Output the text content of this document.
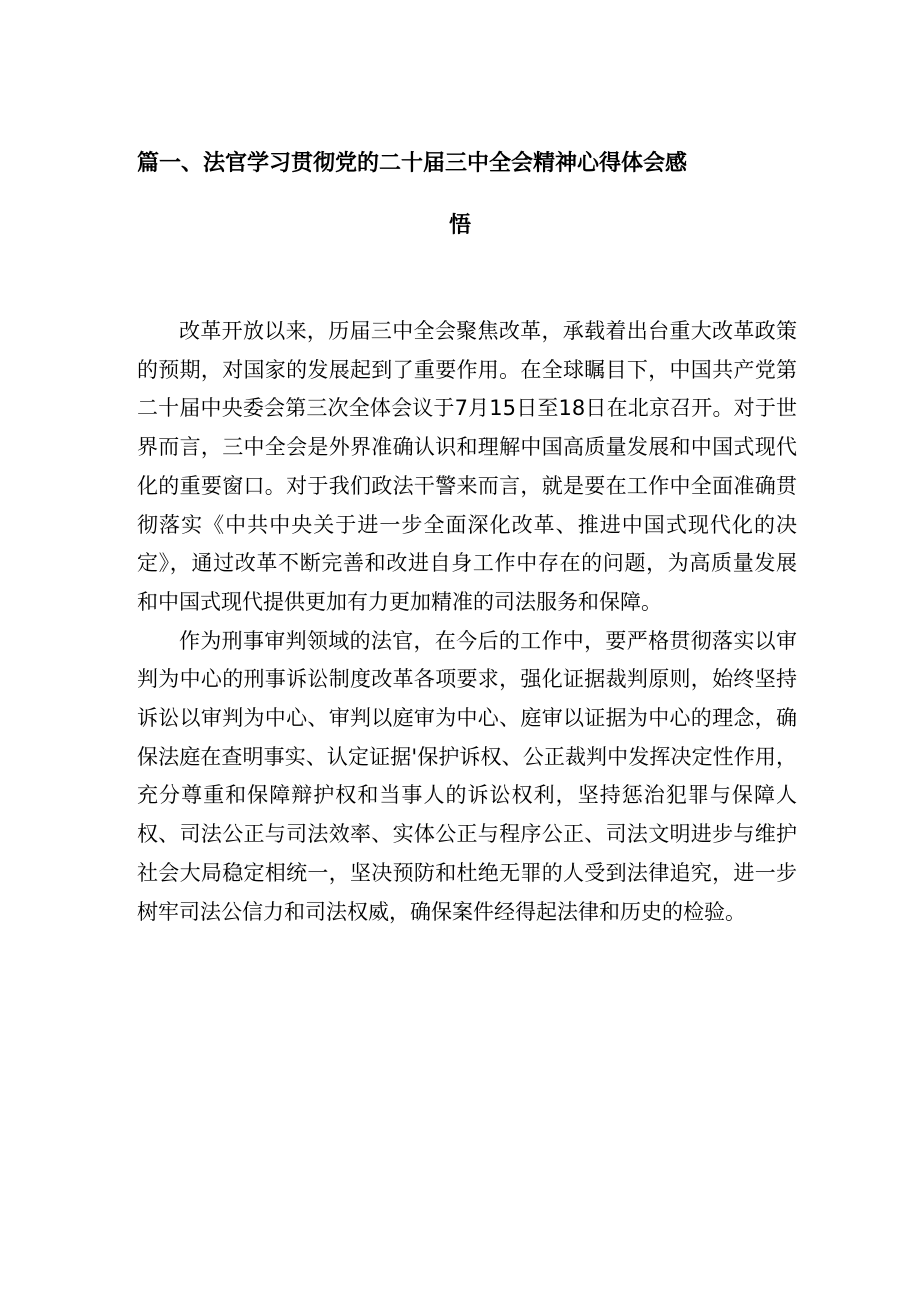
篇一、法官学习贯彻党的二十届三中全会精神心得体会感
悟

改革开放以来，历届三中全会聚焦改革，承载着出台重大改革政策的预期，对国家的发展起到了重要作用。在全球瞩目下，中国共产党第二十届中央委会第三次全体会议于7月15日至18日在北京召开。对于世界而言，三中全会是外界准确认识和理解中国高质量发展和中国式现代化的重要窗口。对于我们政法干警来而言，就是要在工作中全面准确贯彻落实《中共中央关于进一步全面深化改革、推进中国式现代化的决定》，通过改革不断完善和改进自身工作中存在的问题，为高质量发展和中国式现代提供更加有力更加精准的司法服务和保障。

作为刑事审判领域的法官，在今后的工作中，要严格贯彻落实以审判为中心的刑事诉讼制度改革各项要求，强化证据裁判原则，始终坚持诉讼以审判为中心、审判以庭审为中心、庭审以证据为中心的理念，确保法庭在查明事实、认定证据'保护诉权、公正裁判中发挥决定性作用，充分尊重和保障辩护权和当事人的诉讼权利，坚持惩治犯罪与保障人权、司法公正与司法效率、实体公正与程序公正、司法文明进步与维护社会大局稳定相统一，坚决预防和杜绝无罪的人受到法律追究，进一步树牢司法公信力和司法权威，确保案件经得起法律和历史的检验。
